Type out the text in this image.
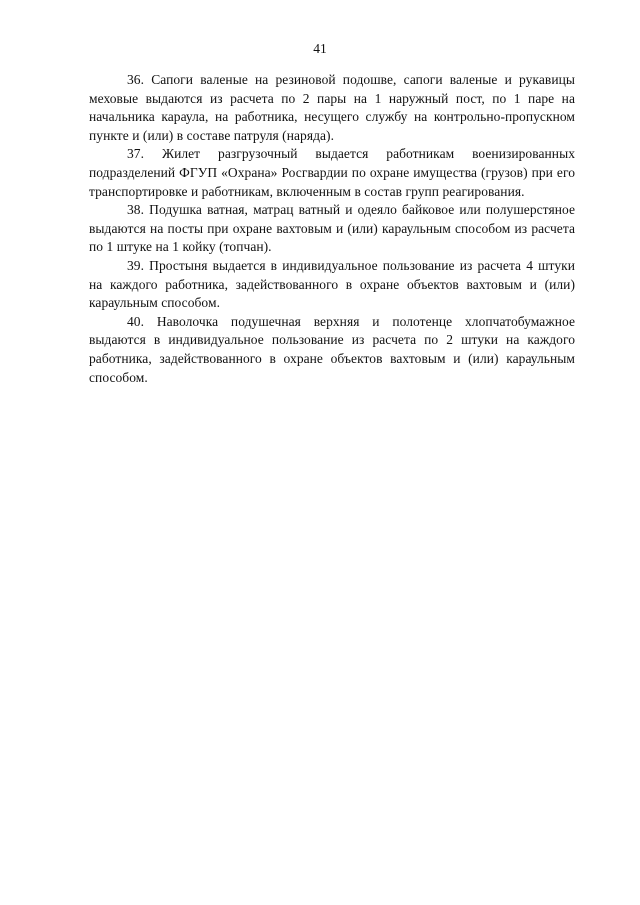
41

36. Сапоги валеные на резиновой подошве, сапоги валеные и рукавицы меховые выдаются из расчета по 2 пары на 1 наружный пост, по 1 паре на начальника караула, на работника, несущего службу на контрольно-пропускном пункте и (или) в составе патруля (наряда).

37. Жилет разгрузочный выдается работникам военизированных подразделений ФГУП «Охрана» Росгвардии по охране имущества (грузов) при его транспортировке и работникам, включенным в состав групп реагирования.

38. Подушка ватная, матрац ватный и одеяло байковое или полушерстяное выдаются на посты при охране вахтовым и (или) караульным способом из расчета по 1 штуке на 1 койку (топчан).

39. Простыня выдается в индивидуальное пользование из расчета 4 штуки на каждого работника, задействованного в охране объектов вахтовым и (или) караульным способом.

40. Наволочка подушечная верхняя и полотенце хлопчатобумажное выдаются в индивидуальное пользование из расчета по 2 штуки на каждого работника, задействованного в охране объектов вахтовым и (или) караульным способом.
